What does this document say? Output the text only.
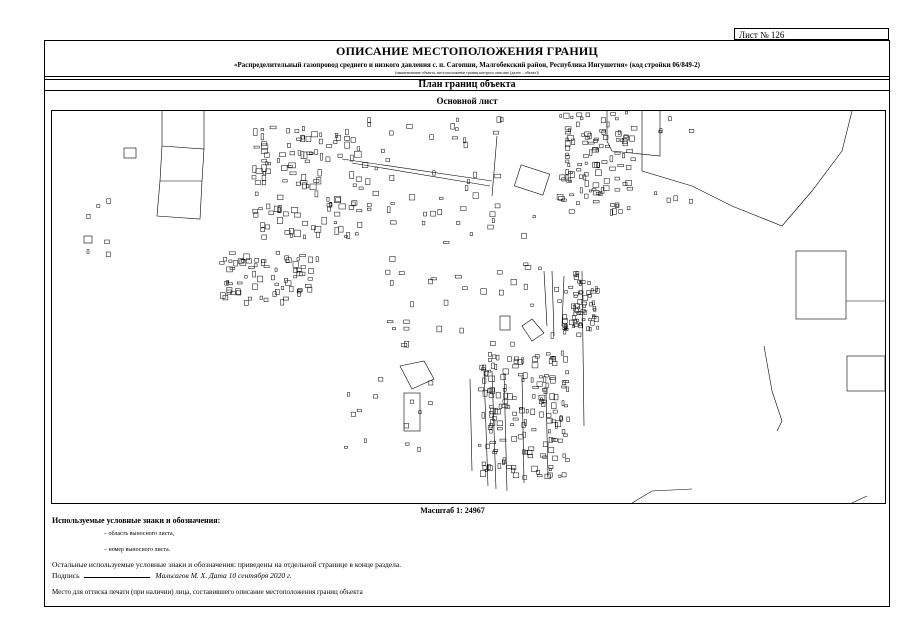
Лист № 126
ОПИСАНИЕ МЕСТОПОЛОЖЕНИЯ ГРАНИЦ
«Распределительный газопровод среднего и низкого давления с. п. Сагопши, Малгобекский район, Республика Ингушетия» (код стройки 06/849-2)
(наименование объекта, местоположение границ которого описано (далее – объект))
План границ объекта
Основной лист
Масштаб 1: 24967
Используемые условные знаки и обозначения:
– область выносного листа,
– номер выносного листа.
Остальные используемые условные знаки и обозначения: приведены на отдельной странице в конце раздела.
Подпись	Мальсагов М. Х. Дата 10 сентября 2020 г.
Место для оттиска печати (при наличии) лица, составившего описание местоположения границ объекта
